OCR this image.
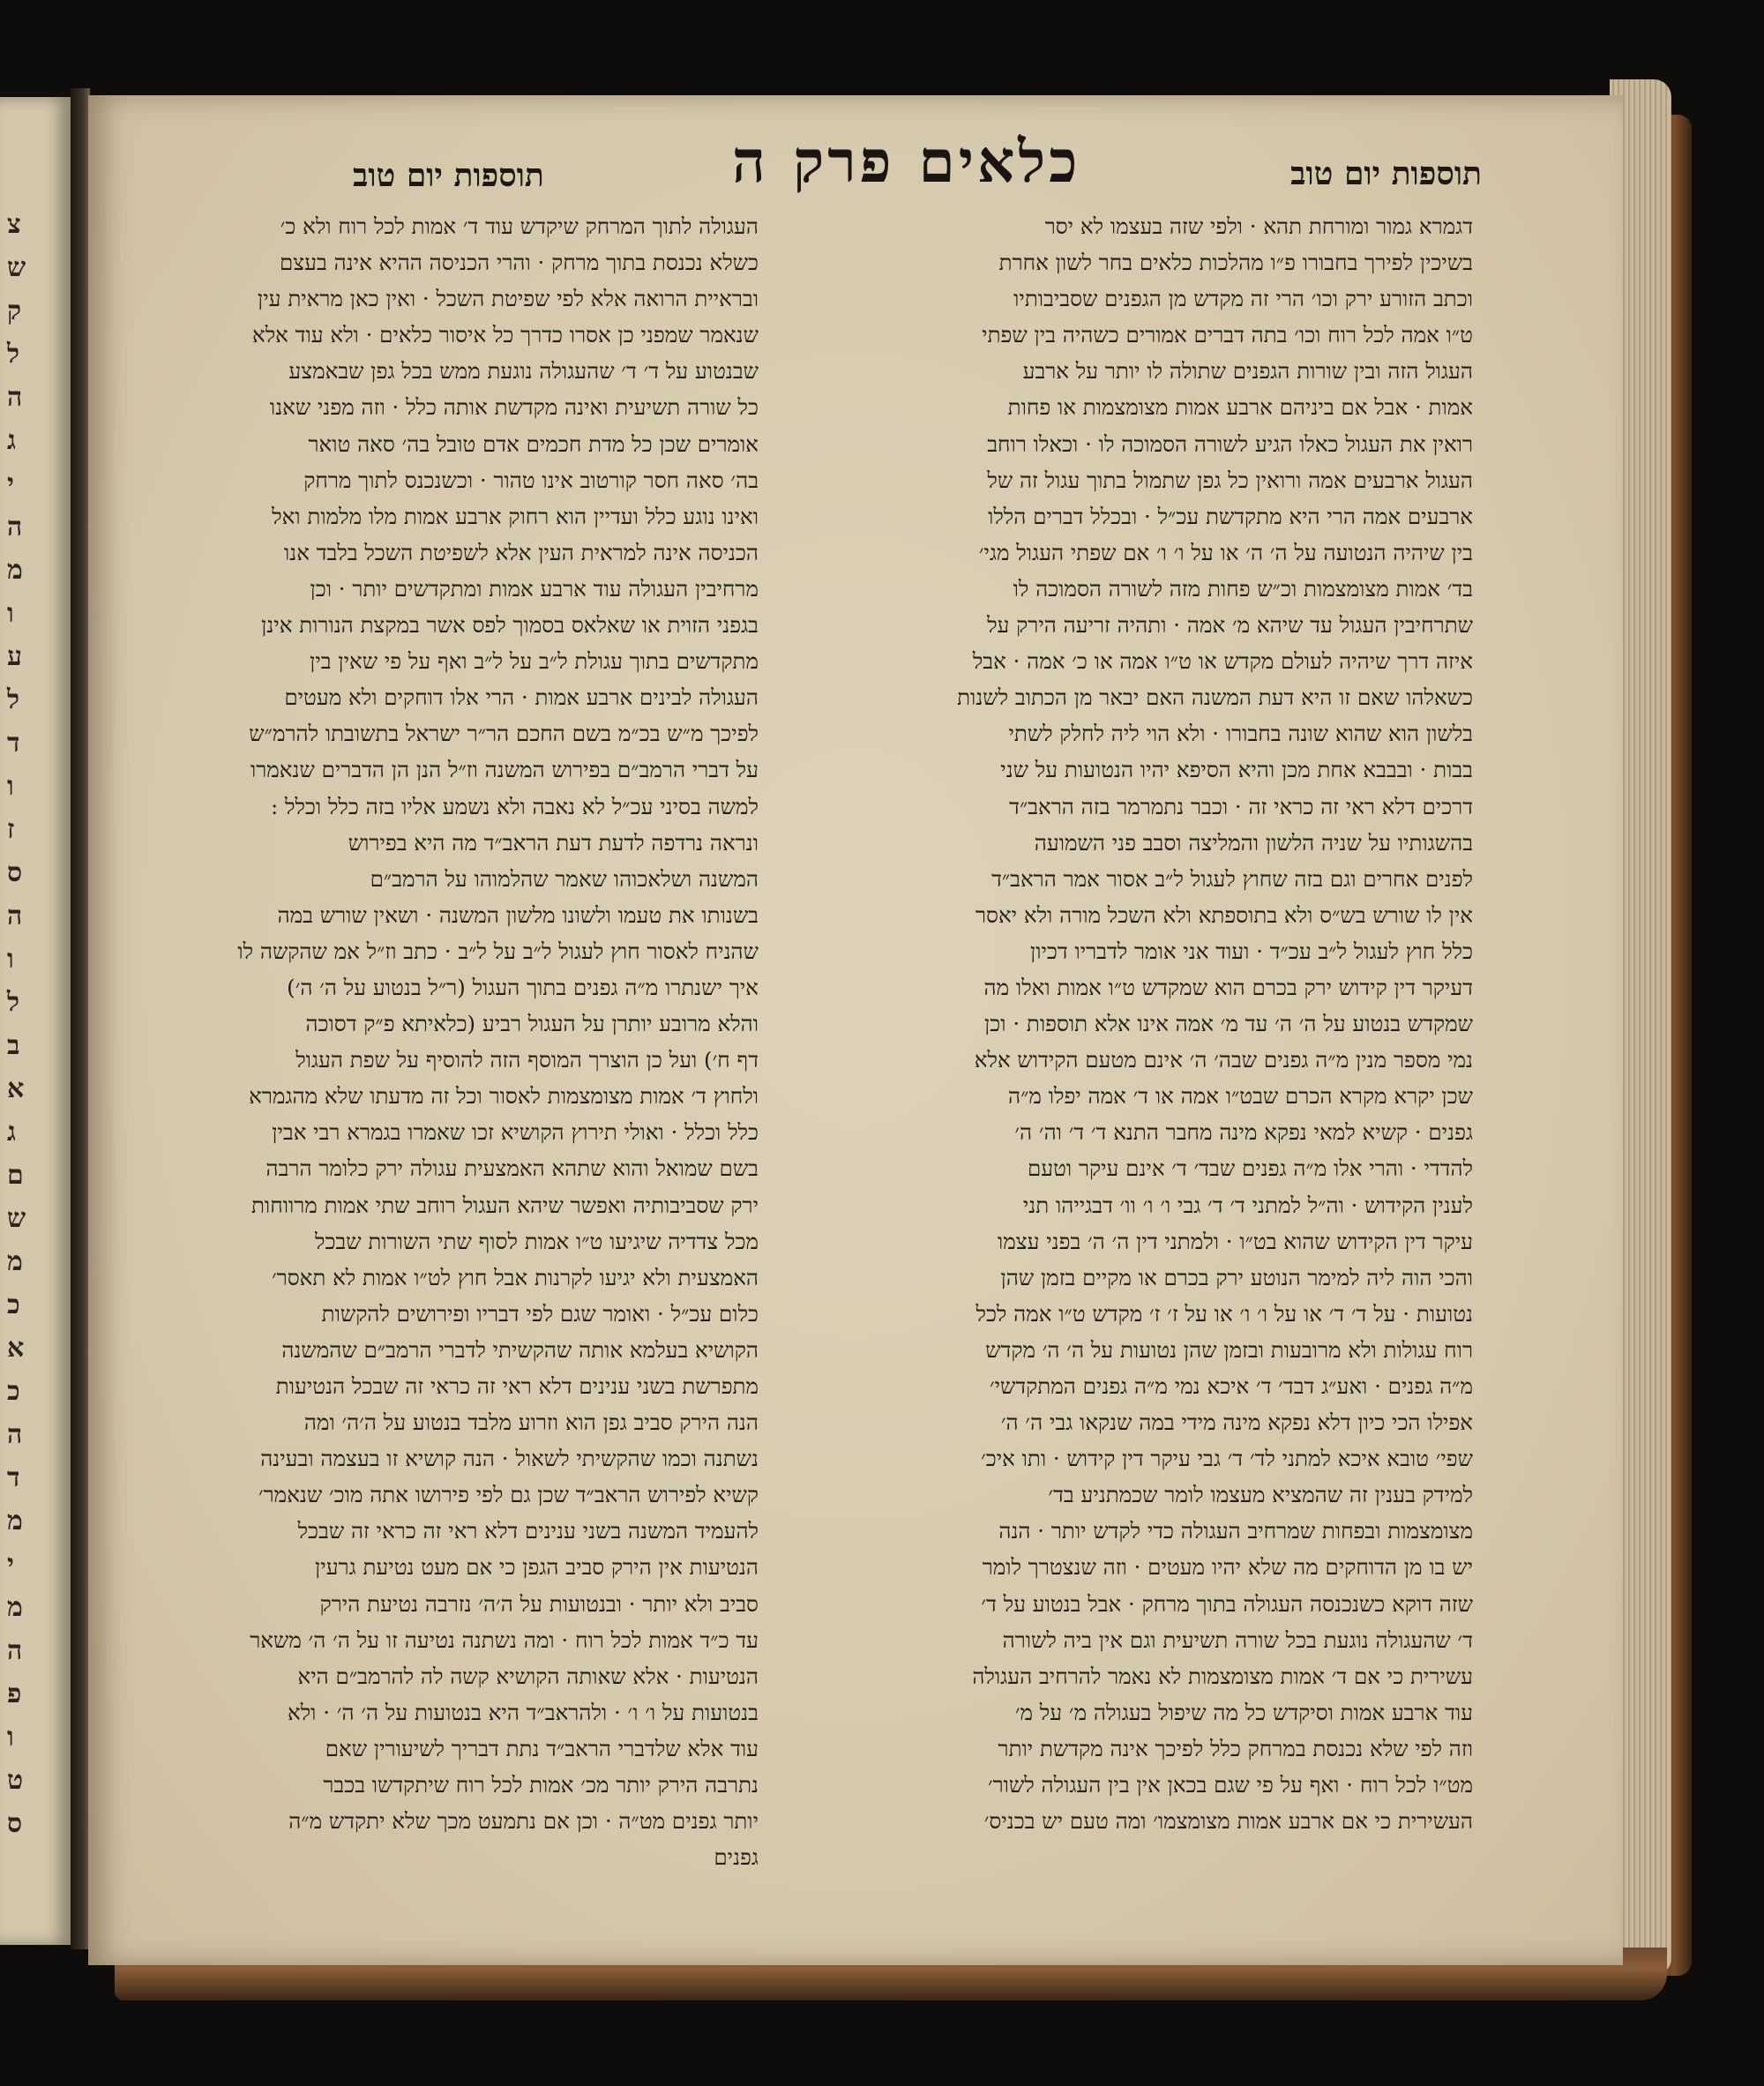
צ
ש
ק
ל
ה
ג
י
ה
מ
ו
ע
ל
ד
ו
ז
ס
ה
ו
ל
ב
א
ג
ם
ש
מ
כ
א
כ
ה
ד
מ
י
מ
ה
פ
ו
ט
ס
תוספות יום טוב
כלאים פרק ה
תוספות יום טוב
דגמרא גמור ומורחת תהא · ולפי שזה בעצמו לא יסר
בשיכין לפירך בחבורו פ״ו מהלכות כלאים בחר לשון אחרת
וכתב הזורע ירק וכו׳ הרי זה מקדש מן הגפנים שסביבותיו
ט״ו אמה לכל רוח וכו׳ בתה דברים אמורים כשהיה בין שפתי
העגול הזה ובין שורות הגפנים שתולה לו יותר על ארבע
אמות · אבל אם ביניהם ארבע אמות מצומצמות או פחות
רואין את העגול כאלו הגיע לשורה הסמוכה לו · וכאלו רוחב
העגול ארבעים אמה ורואין כל גפן שתמול בתוך עגול זה של
ארבעים אמה הרי היא מתקדשת עכ״ל · ובכלל דברים הללו
בין שיהיה הנטועה על ה׳ ה׳ או על ו׳ ו׳ אם שפתי העגול מגי׳
בד׳ אמות מצומצמות וכ״ש פחות מזה לשורה הסמוכה לו
שתרחיבין העגול עד שיהא מ׳ אמה · ותהיה זריעה הירק על
איזה דרך שיהיה לעולם מקדש או ט״ו אמה או כ׳ אמה · אבל
כשאלהו שאם זו היא דעת המשנה האם יבאר מן הכתוב לשנות
בלשון הוא שהוא שונה בחבורו · ולא הוי ליה לחלק לשתי
בבות · ובבבא אחת מכן והיא הסיפא יהיו הנטועות על שני
דרכים דלא ראי זה כראי זה · וכבר נתמרמר בזה הראב״ד
בהשגותיו על שניה הלשון והמליצה וסבב פני השמועה
לפנים אחרים וגם בזה שחוץ לעגול ל״ב אסור אמר הראב״ד
אין לו שורש בש״ס ולא בתוספתא ולא השכל מורה ולא יאסר
כלל חוץ לעגול ל״ב עכ״ד · ועוד אני אומר לדבריו דכיון
דעיקר דין קידוש ירק בכרם הוא שמקדש ט״ו אמות ואלו מה
שמקדש בנטוע על ה׳ ה׳ עד מ׳ אמה אינו אלא תוספות · וכן
נמי מספר מנין מ״ה גפנים שבה׳ ה׳ אינם מטעם הקידוש אלא
שכן יקרא מקרא הכרם שבט״ו אמה או ד׳ אמה יפלו מ״ה
גפנים · קשיא למאי נפקא מינה מחבר התנא ד׳ ד׳ וה׳ ה׳
להדדי · והרי אלו מ״ה גפנים שבד׳ ד׳ אינם עיקר וטעם
לענין הקידוש · וה״ל למתני ד׳ ד׳ גבי ו׳ ו׳ וו׳ דבגייהו תני
עיקר דין הקידוש שהוא בט״ו · ולמתני דין ה׳ ה׳ בפני עצמו
והכי הוה ליה למימר הנוטע ירק בכרם או מקיים בזמן שהן
נטועות · על ד׳ ד׳ או על ו׳ ו׳ או על ז׳ ז׳ מקדש ט״ו אמה לכל
רוח עגולות ולא מרובעות ובזמן שהן נטועות על ה׳ ה׳ מקדש
מ״ה גפנים · ואע״ג דבד׳ ד׳ איכא נמי מ״ה גפנים המתקדשי׳
אפילו הכי כיון דלא נפקא מינה מידי במה שנקאו גבי ה׳ ה׳
שפי׳ טובא איכא למתני לד׳ ד׳ גבי עיקר דין קידוש · ותו איכ׳
למידק בענין זה שהמציא מעצמו לומר שכמתניע בד׳
מצומצמות ובפחות שמרחיב העגולה כדי לקדש יותר · הנה
יש בו מן הדוחקים מה שלא יהיו מעטים · וזה שנצטרך לומר
שזה דוקא כשנכנסה העגולה בתוך מרחק · אבל בנטוע על ד׳
ד׳ שהעגולה נוגעת בכל שורה תשיעית וגם אין ביה לשורה
עשירית כי אם ד׳ אמות מצומצמות לא נאמר להרחיב העגולה
עוד ארבע אמות וסיקדש כל מה שיפול בעגולה מ׳ על מ׳
וזה לפי שלא נכנסת במרחק כלל לפיכך אינה מקדשת יותר
מט״ו לכל רוח · ואף על פי שגם בכאן אין בין העגולה לשור׳
העשירית כי אם ארבע אמות מצומצמו׳ ומה טעם יש בכניס׳
העגולה לתוך המרחק שיקדש עוד ד׳ אמות לכל רוח ולא כ׳
כשלא נכנסת בתוך מרחק · והרי הכניסה ההיא אינה בעצם
ובראיית הרואה אלא לפי שפיטת השכל · ואין כאן מראית עין
שנאמר שמפני כן אסרו כדרך כל איסור כלאים · ולא עוד אלא
שבנטוע על ד׳ ד׳ שהעגולה נוגעת ממש בכל גפן שבאמצע
כל שורה תשיעית ואינה מקדשת אותה כלל · וזה מפני שאנו
אומרים שכן כל מדת חכמים אדם טובל בה׳ סאה טואר
בה׳ סאה חסר קורטוב אינו טהור · וכשנכנס לתוך מרחק
ואינו נוגע כלל ועדיין הוא רחוק ארבע אמות מלו מלמות ואל
הכניסה אינה למראית העין אלא לשפיטת השכל בלבד אנו
מרחיבין העגולה עוד ארבע אמות ומתקדשים יותר · וכן
בגפני הזוית או שאלאס בסמוך לפס אשר במקצת הנורות אינן
מתקדשים בתוך עגולת ל״ב על ל״ב ואף על פי שאין בין
העגולה לבינים ארבע אמות · הרי אלו דוחקים ולא מעטים
לפיכך מ״ש בכ״מ בשם החכם הר״ר ישראל בתשובתו להרמ״ש
על דברי הרמב״ם בפירוש המשנה וז״ל הנן הן הדברים שנאמרו
למשה בסיני עכ״ל לא נאבה ולא נשמע אליו בזה כלל וכלל :
ונראה נרדפה לדעת דעת הראב״ד מה היא בפירוש
המשנה ושלאכוהו שאמר שהלמוהו על הרמב״ם
בשנותו את טעמו ולשונו מלשון המשנה · ושאין שורש במה
שהניח לאסור חוץ לעגול ל״ב על ל״ב · כתב וז״ל אמ שהקשה לו
איך ישנתרו מ״ה גפנים בתוך העגול (ר״ל בנטוע על ה׳ ה׳)
והלא מרובע יותרן על העגול רביע (כלאיתא פ״ק דסוכה
דף ח׳) ועל כן הוצרך המוסף הזה להוסיף על שפת העגול
ולחוץ ד׳ אמות מצומצמות לאסור וכל זה מדעתו שלא מהגמרא
כלל וכלל · ואולי תירוץ הקושיא זכו שאמרו בגמרא רבי אבין
בשם שמואל והוא שתהא האמצעית עגולה ירק כלומר הרבה
ירק שסביבותיה ואפשר שיהא העגול רוחב שתי אמות מרווחות
מכל צדדיה שיגיעו ט״ו אמות לסוף שתי השורות שבכל
האמצעית ולא יגיעו לקרנות אבל חוץ לט״ו אמות לא תאסר׳
כלום עכ״ל · ואומר שגם לפי דבריו ופירושים להקשות
הקושיא בעלמא אותה שהקשיתי לדברי הרמב״ם שהמשנה
מתפרשת בשני ענינים דלא ראי זה כראי זה שבכל הנטיעות
הנה הירק סביב גפן הוא וזרוע מלבד בנטוע על ה׳ה׳ ומה
נשתנה וכמו שהקשיתי לשאול · הנה קושיא זו בעצמה ובעינה
קשיא לפירוש הראב״ד שכן גם לפי פירושו אתה מוכ׳ שנאמר׳
להעמיד המשנה בשני ענינים דלא ראי זה כראי זה שבכל
הנטיעות אין הירק סביב הגפן כי אם מעט נטיעת גרעין
סביב ולא יותר · ובנטועות על ה׳ה׳ נזרבה נטיעת הירק
עד כ״ד אמות לכל רוח · ומה נשתנה נטיעה זו על ה׳ ה׳ משאר
הנטיעות · אלא שאותה הקושיא קשה לה להרמב״ם היא
בנטועות על ו׳ ו׳ · ולהראב״ד היא בנטועות על ה׳ ה׳ · ולא
עוד אלא שלדברי הראב״ד נתת דבריך לשיעורין שאם
נתרבה הירק יותר מכ׳ אמות לכל רוח שיתקדשו בכבר
יותר גפנים מט״ה · וכן אם נתמעט מכך שלא יתקדש מ״ה
גפנים
